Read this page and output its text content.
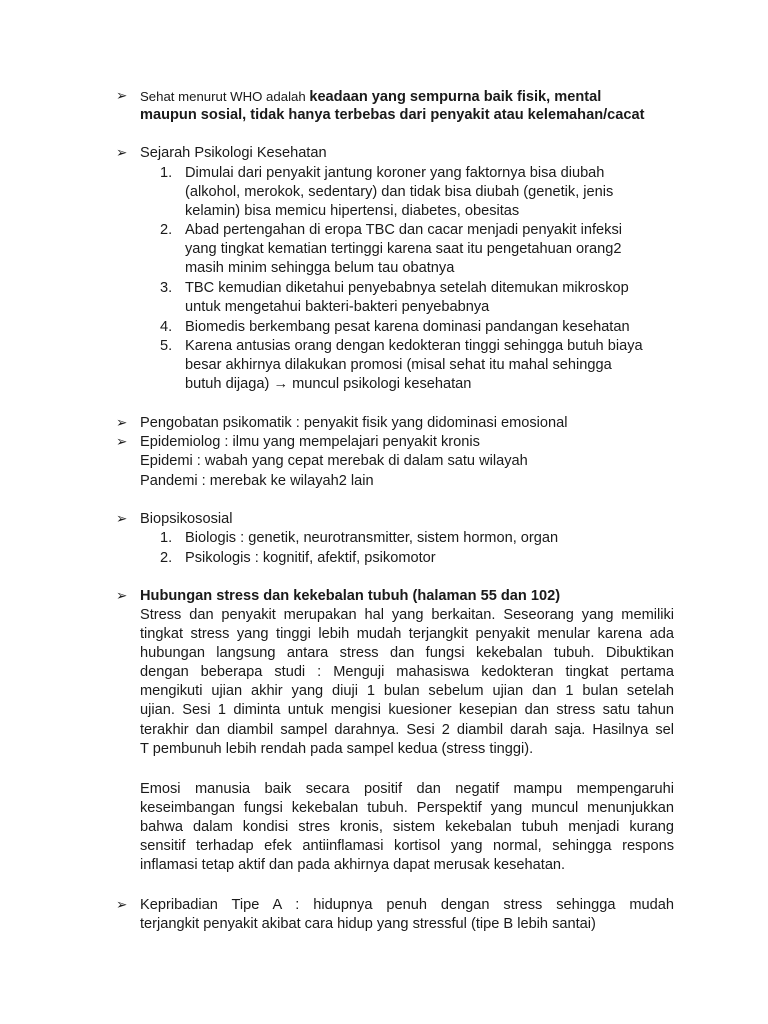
➢ Sehat menurut WHO adalah keadaan yang sempurna baik fisik, mental
maupun sosial, tidak hanya terbebas dari penyakit atau kelemahan/cacat
➢ Sejarah Psikologi Kesehatan
1. Dimulai dari penyakit jantung koroner yang faktornya bisa diubah
(alkohol, merokok, sedentary) dan tidak bisa diubah (genetik, jenis
kelamin) bisa memicu hipertensi, diabetes, obesitas
2. Abad pertengahan di eropa TBC dan cacar menjadi penyakit infeksi
yang tingkat kematian tertinggi karena saat itu pengetahuan orang2
masih minim sehingga belum tau obatnya
3. TBC kemudian diketahui penyebabnya setelah ditemukan mikroskop
untuk mengetahui bakteri-bakteri penyebabnya
4. Biomedis berkembang pesat karena dominasi pandangan kesehatan
5. Karena antusias orang dengan kedokteran tinggi sehingga butuh biaya
besar akhirnya dilakukan promosi (misal sehat itu mahal sehingga
butuh dijaga) → muncul psikologi kesehatan
➢ Pengobatan psikomatik : penyakit fisik yang didominasi emosional
➢ Epidemiolog : ilmu yang mempelajari penyakit kronis
Epidemi : wabah yang cepat merebak di dalam satu wilayah
Pandemi : merebak ke wilayah2 lain
➢ Biopsikososial
1. Biologis : genetik, neurotransmitter, sistem hormon, organ
2. Psikologis : kognitif, afektif, psikomotor
➢ Hubungan stress dan kekebalan tubuh (halaman 55 dan 102)
Stress dan penyakit merupakan hal yang berkaitan. Seseorang yang memiliki
tingkat stress yang tinggi lebih mudah terjangkit penyakit menular karena ada
hubungan langsung antara stress dan fungsi kekebalan tubuh. Dibuktikan
dengan beberapa studi : Menguji mahasiswa kedokteran tingkat pertama
mengikuti ujian akhir yang diuji 1 bulan sebelum ujian dan 1 bulan setelah
ujian. Sesi 1 diminta untuk mengisi kuesioner kesepian dan stress satu tahun
terakhir dan diambil sampel darahnya. Sesi 2 diambil darah saja. Hasilnya sel
T pembunuh lebih rendah pada sampel kedua (stress tinggi).
Emosi manusia baik secara positif dan negatif mampu mempengaruhi
keseimbangan fungsi kekebalan tubuh. Perspektif yang muncul menunjukkan
bahwa dalam kondisi stres kronis, sistem kekebalan tubuh menjadi kurang
sensitif terhadap efek antiinflamasi kortisol yang normal, sehingga respons
inflamasi tetap aktif dan pada akhirnya dapat merusak kesehatan.
➢ Kepribadian Tipe A : hidupnya penuh dengan stress sehingga mudah
terjangkit penyakit akibat cara hidup yang stressful (tipe B lebih santai)
